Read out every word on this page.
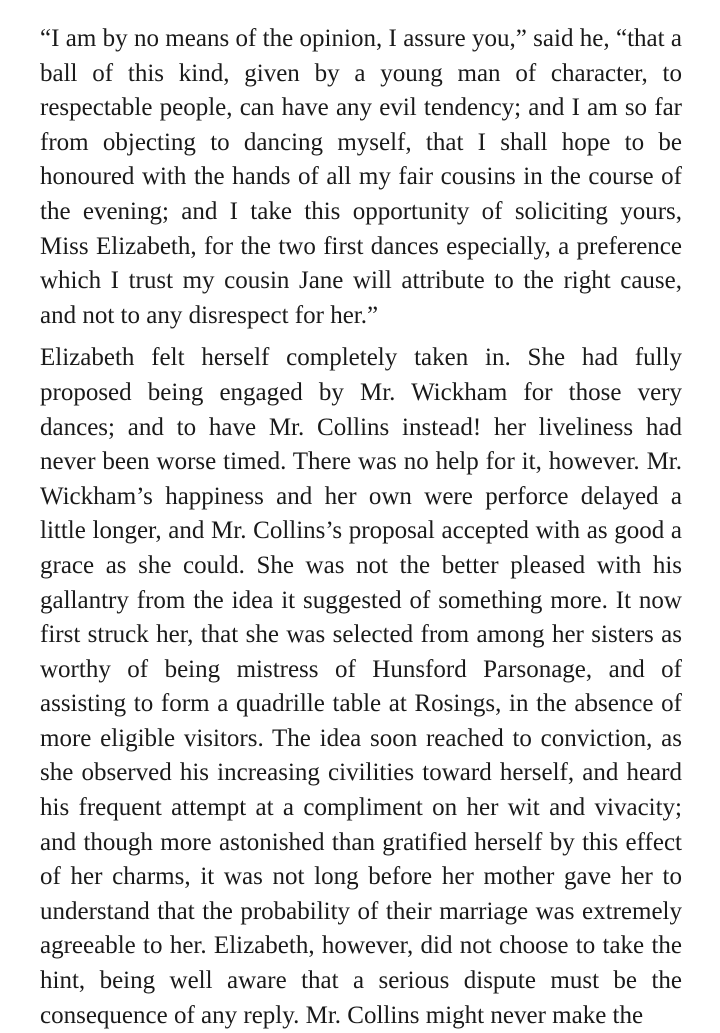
“I am by no means of the opinion, I assure you,” said he, “that a ball of this kind, given by a young man of character, to respectable people, can have any evil tendency; and I am so far from objecting to dancing myself, that I shall hope to be honoured with the hands of all my fair cousins in the course of the evening; and I take this opportunity of soliciting yours, Miss Elizabeth, for the two first dances especially, a preference which I trust my cousin Jane will attribute to the right cause, and not to any disrespect for her.”

Elizabeth felt herself completely taken in. She had fully proposed being engaged by Mr. Wickham for those very dances; and to have Mr. Collins instead! her liveliness had never been worse timed. There was no help for it, however. Mr. Wickham’s happiness and her own were perforce delayed a little longer, and Mr. Collins’s proposal accepted with as good a grace as she could. She was not the better pleased with his gallantry from the idea it suggested of something more. It now first struck her, that she was selected from among her sisters as worthy of being mistress of Hunsford Parsonage, and of assisting to form a quadrille table at Rosings, in the absence of more eligible visitors. The idea soon reached to conviction, as she observed his increasing civilities toward herself, and heard his frequent attempt at a compliment on her wit and vivacity; and though more astonished than gratified herself by this effect of her charms, it was not long before her mother gave her to understand that the probability of their marriage was extremely agreeable to her. Elizabeth, however, did not choose to take the hint, being well aware that a serious dispute must be the consequence of any reply. Mr. Collins might never make the
